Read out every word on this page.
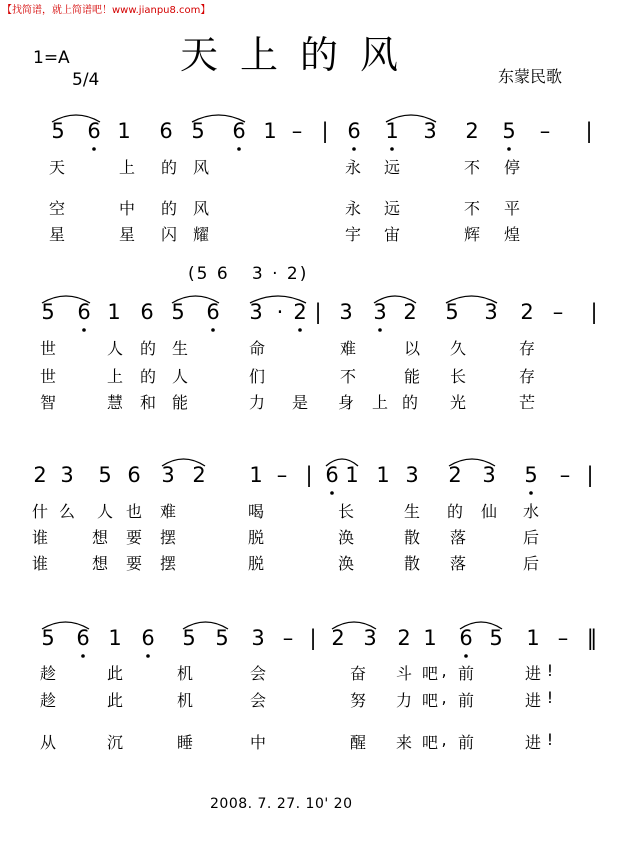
【找简谱，就上简谱吧！www.jianpu8.com】
1=A
5/4
天上的风	东蒙民歌
5 6 1 6 5 6 1 – | 6 1 3 2 5 –	|
天	上	的 风	永	远	不	停
空	中	的 风	永	远	不	平
星	星	闪 耀	宇	宙	辉	煌
5 6 1 6 5 6 3 · 2 | 3 3 2 5 3 2 –	|
(5 6   3 · 2)
世	人	的 生	命	难	以	久	存
世	上	的 人	们	不	能	长	存
智	慧	和 能	力	是	身	上 的	光	芒
2 3 5 6 3 2 1 – | 6 1 1 3 2 3 5 – |
什 么	人 也	难	喝	长	生	的	仙	水
谁	想	要	摆	脱	涣	散	落	后
谁	想	要	摆	脱	涣	散	落	后
5 6 1 6 5 5 3 – | 2 3 2 1 6 5 1 – ‖
趁	此	机	会	奋	斗 吧 , 前	进 !
趁	此	机	会	努	力 吧 , 前	进 !
从	沉	睡	中	醒	来 吧 , 前	进 !
2008. 7. 27. 10' 20
